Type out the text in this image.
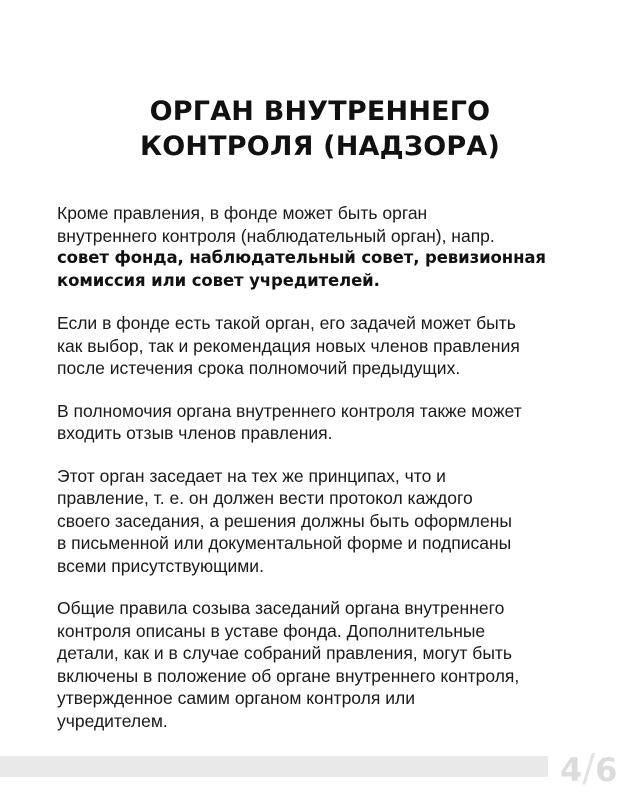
ОРГАН ВНУТРЕННЕГО
КОНТРОЛЯ (НАДЗОРА)

Кроме правления, в фонде может быть орган
внутреннего контроля (наблюдательный орган), напр.
совет фонда, наблюдательный совет, ревизионная
комиссия или совет учредителей.

Если в фонде есть такой орган, его задачей может быть
как выбор, так и рекомендация новых членов правления
после истечения срока полномочий предыдущих.

В полномочия органа внутреннего контроля также может
входить отзыв членов правления.

Этот орган заседает на тех же принципах, что и
правление, т. е. он должен вести протокол каждого
своего заседания, а решения должны быть оформлены
в письменной или документальной форме и подписаны
всеми присутствующими.

Общие правила созыва заседаний органа внутреннего
контроля описаны в уставе фонда. Дополнительные
детали, как и в случае собраний правления, могут быть
включены в положение об органе внутреннего контроля,
утвержденное самим органом контроля или
учредителем.

4/6
